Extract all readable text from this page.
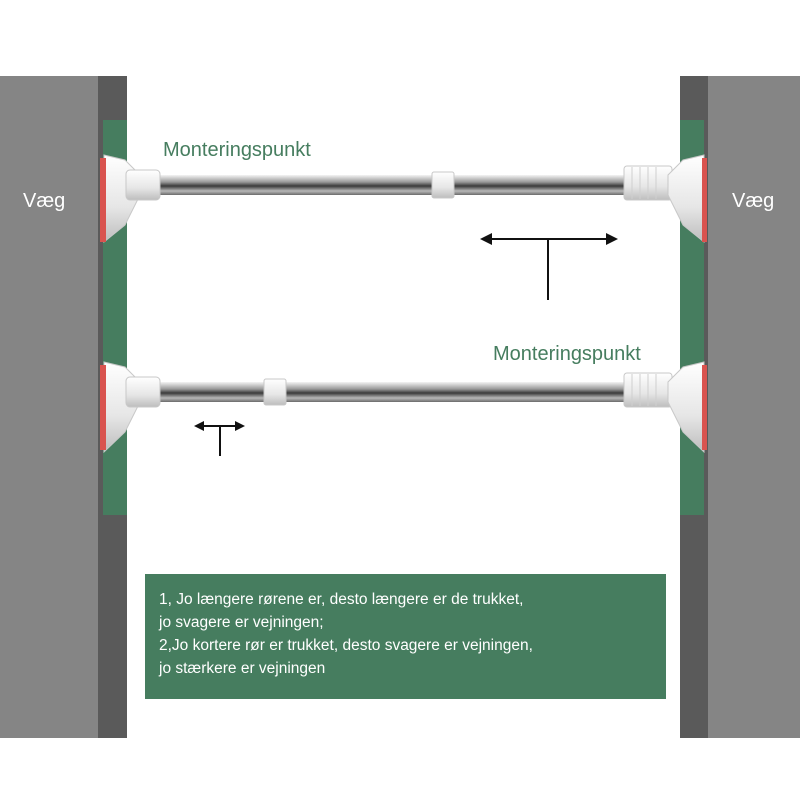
Væg	Væg
Monteringspunkt
Monteringspunkt
1, Jo længere rørene er, desto længere er de trukket,
jo svagere er vejningen;
2,Jo kortere rør er trukket, desto svagere er vejningen,
jo stærkere er vejningen
